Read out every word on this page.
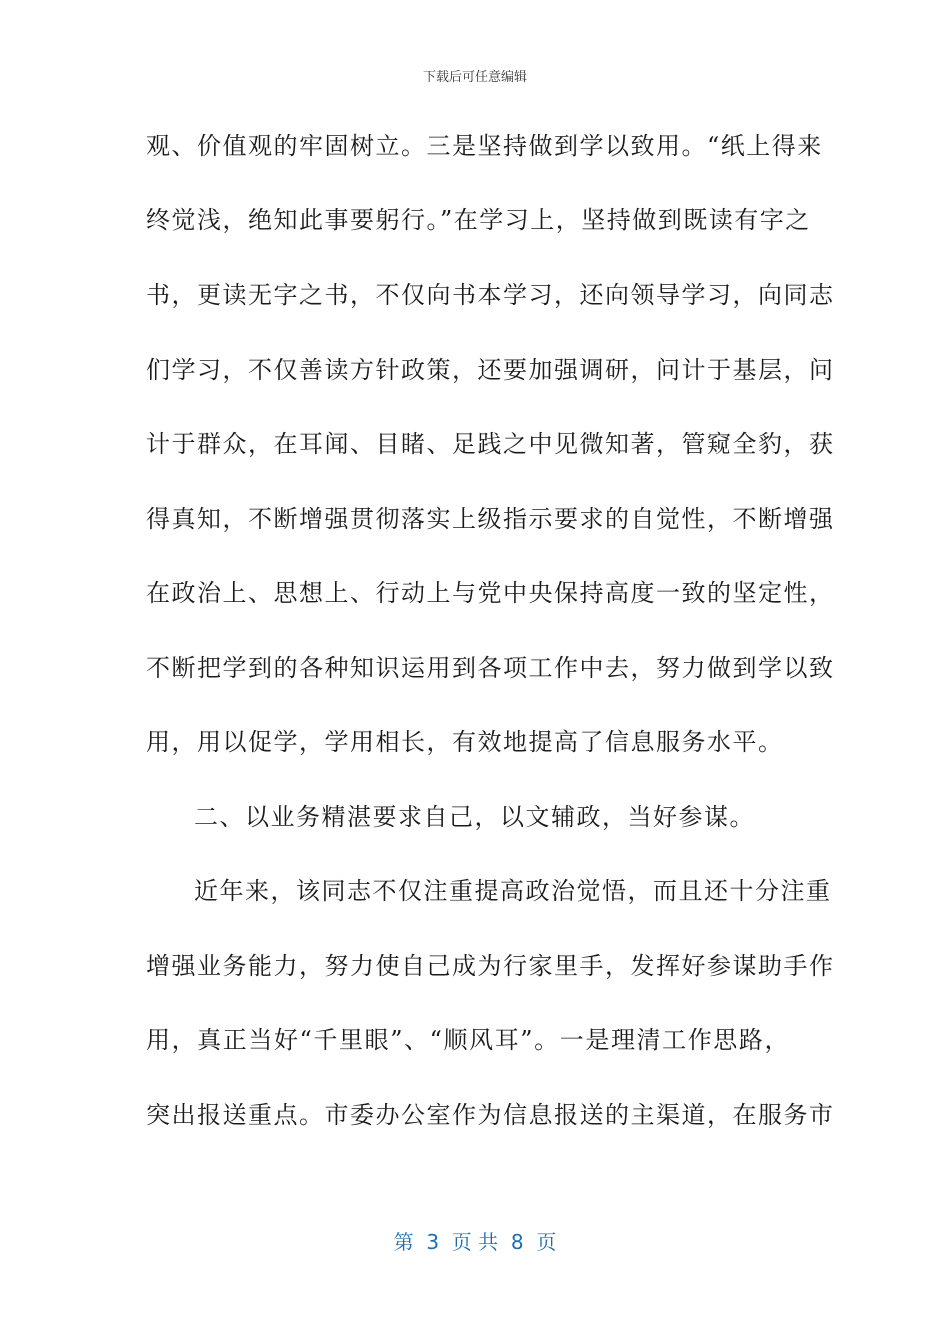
下载后可任意编辑
观、价值观的牢固树立。三是坚持做到学以致用。“纸上得来
终觉浅，绝知此事要躬行。”在学习上，坚持做到既读有字之
书，更读无字之书，不仅向书本学习，还向领导学习，向同志
们学习，不仅善读方针政策，还要加强调研，问计于基层，问
计于群众，在耳闻、目睹、足践之中见微知著，管窥全豹，获
得真知，不断增强贯彻落实上级指示要求的自觉性，不断增强
在政治上、思想上、行动上与党中央保持高度一致的坚定性，
不断把学到的各种知识运用到各项工作中去，努力做到学以致
用，用以促学，学用相长，有效地提高了信息服务水平。
二、以业务精湛要求自己，以文辅政，当好参谋。
近年来，该同志不仅注重提高政治觉悟，而且还十分注重
增强业务能力，努力使自己成为行家里手，发挥好参谋助手作
用，真正当好“千里眼”、“顺风耳”。一是理清工作思路，
突出报送重点。市委办公室作为信息报送的主渠道，在服务市
第  3  页 共  8  页
